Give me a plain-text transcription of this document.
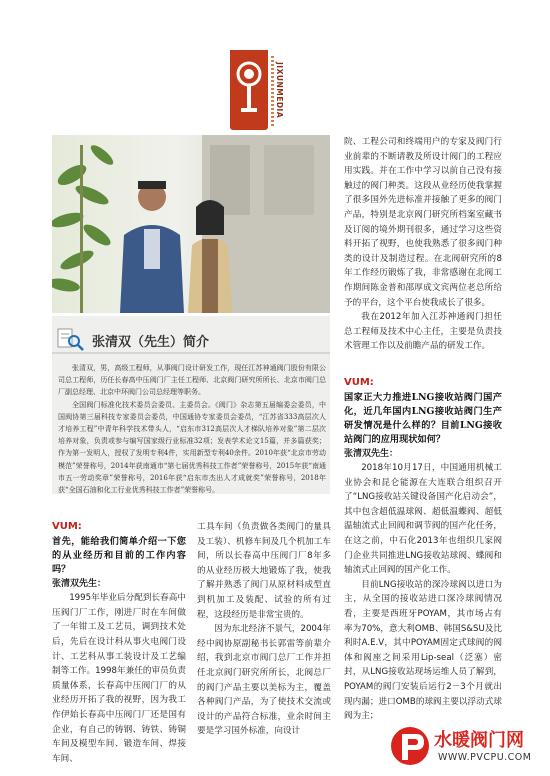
JIXUNMEDIA
张清双（先生）简介

张清双，男，高级工程师，从事阀门设计研发工作，现任江苏神通阀门股份有限公司总工程师，历任长春高中压阀门厂主任工程师、北京阀门研究所所长、北京市阀门总厂副总经理、北京中环阀门公司总经理等职务。

全国阀门标准化技术委员会委员、主委员会。《阀门》杂志第五届编委会委员，中国阀协第三届科技专家委员会委员，中国通协专家委员会委员，“江苏省333高层次人才培养工程”中青年科学技术带头人，“启东市312高层次人才梯队培养对象”第二层次培养对象，负责或参与编写国家级行业标准32项；发表学术论文15篇，并多篇获奖；作为第一发明人，授权了发明专利4件，实用新型专利40余件。2010年获“北京市劳动模范”荣誉称号，2014年获南通市“第七届优秀科技工作者”荣誉称号，2015年获“南通市五一劳动奖章”荣誉称号，2016年获“启东市杰出人才成就奖”荣誉称号，2018年获“全国石油和化工行业优秀科技工作者”荣誉称号。

VUM:
首先，能给我们简单介绍一下您的从业经历和目前的工作内容吗？
张清双先生：

1995年毕业后分配到长春高中压阀门厂工作，刚进厂时在车间做了一年钳工及工艺员，调到技术处后，先后在设计科从事火电阀门设计、工艺科从事工装设计及工艺编制等工作。1998年兼任的审员负责质量体系，长春高中压阀门厂的从业经历开拓了我的视野，因为我工作伊始长春高中压阀门厂还是国有企业，有自己的铸钢、铸铁、铸铜车间及模型车间、锻造车间、焊接车间、

工具车间（负责做各类阀门的量具及工装）、机修车间及几个机加工车间，所以长春高中压阀门厂8年多的从业经历极大地锻炼了我，使我了解并熟悉了阀门从原材料成型直到机加工及装配、试验的所有过程，这段经历是非常宝贵的。

因为东北经济不景气，2004年经中阀协原副秘书长郭雷等前辈介绍，我到北京市阀门总厂工作并担任北京阀门研究所所长，北阀总厂的阀门产品主要以美标为主，覆盖各种阀门产品，为了使技术交流或设计的产品符合标准，业余时间主要是学习国外标准，向设计

院、工程公司和终端用户的专家及阀门行业前辈的不断请教及所设计阀门的工程应用实践。并在工作中学习以前自己没有接触过的阀门种类。这段从业经历使我掌握了很多国外先进标准并接触了更多的阀门产品，特别是北京阀门研究所档案室藏书及订阅的境外期刊很多，通过学习这些资料开拓了视野，也使我熟悉了很多阀门种类的设计及制造过程。在北阀研究所的8年工作经历锻炼了我，非常感谢在北阀工作期间陈金普和邵厚成文宾两位老总所给予的平台，这个平台使我成长了很多。

我在2012年加入江苏神通阀门担任总工程师及技术中心主任，主要是负责技术管理工作以及前瞻产品的研发工作。

VUM:
国家正大力推进LNG接收站阀门国产化，近几年国内LNG接收站阀门生产研发情况是什么样的？目前LNG接收站阀门的应用现状如何？
张清双先生：

2018年10月17日，中国通用机械工业协会和昆仑能源在大连联合组织召开了“LNG接收站关键设备国产化启动会”，其中包含超低温球阀、超低温蝶阀、超低温轴流式止回阀和调节阀的国产化任务，在这之前，中石化2013年也组织几家阀门企业共同推进LNG接收站球阀、蝶阀和轴流式止回阀的国产化工作。

目前LNG接收站的深冷球阀以进口为主，从全国的接收站进口深冷球阀情况看，主要是西班牙POYAM，其市场占有率为70%，意大利OMB、韩国S&SU及比利时A.E.V，其中POYAM固定式球阀的阀体和阀座之间采用Lip-seal（泛塞）密封，从LNG接收站现场运维人员了解到，POYAM的阀门安装后运行2－3个月就出现内漏；进口OMB的球阀主要以浮动式球阀为主；

水暖阀门网
WWW.PVCPU.COM
